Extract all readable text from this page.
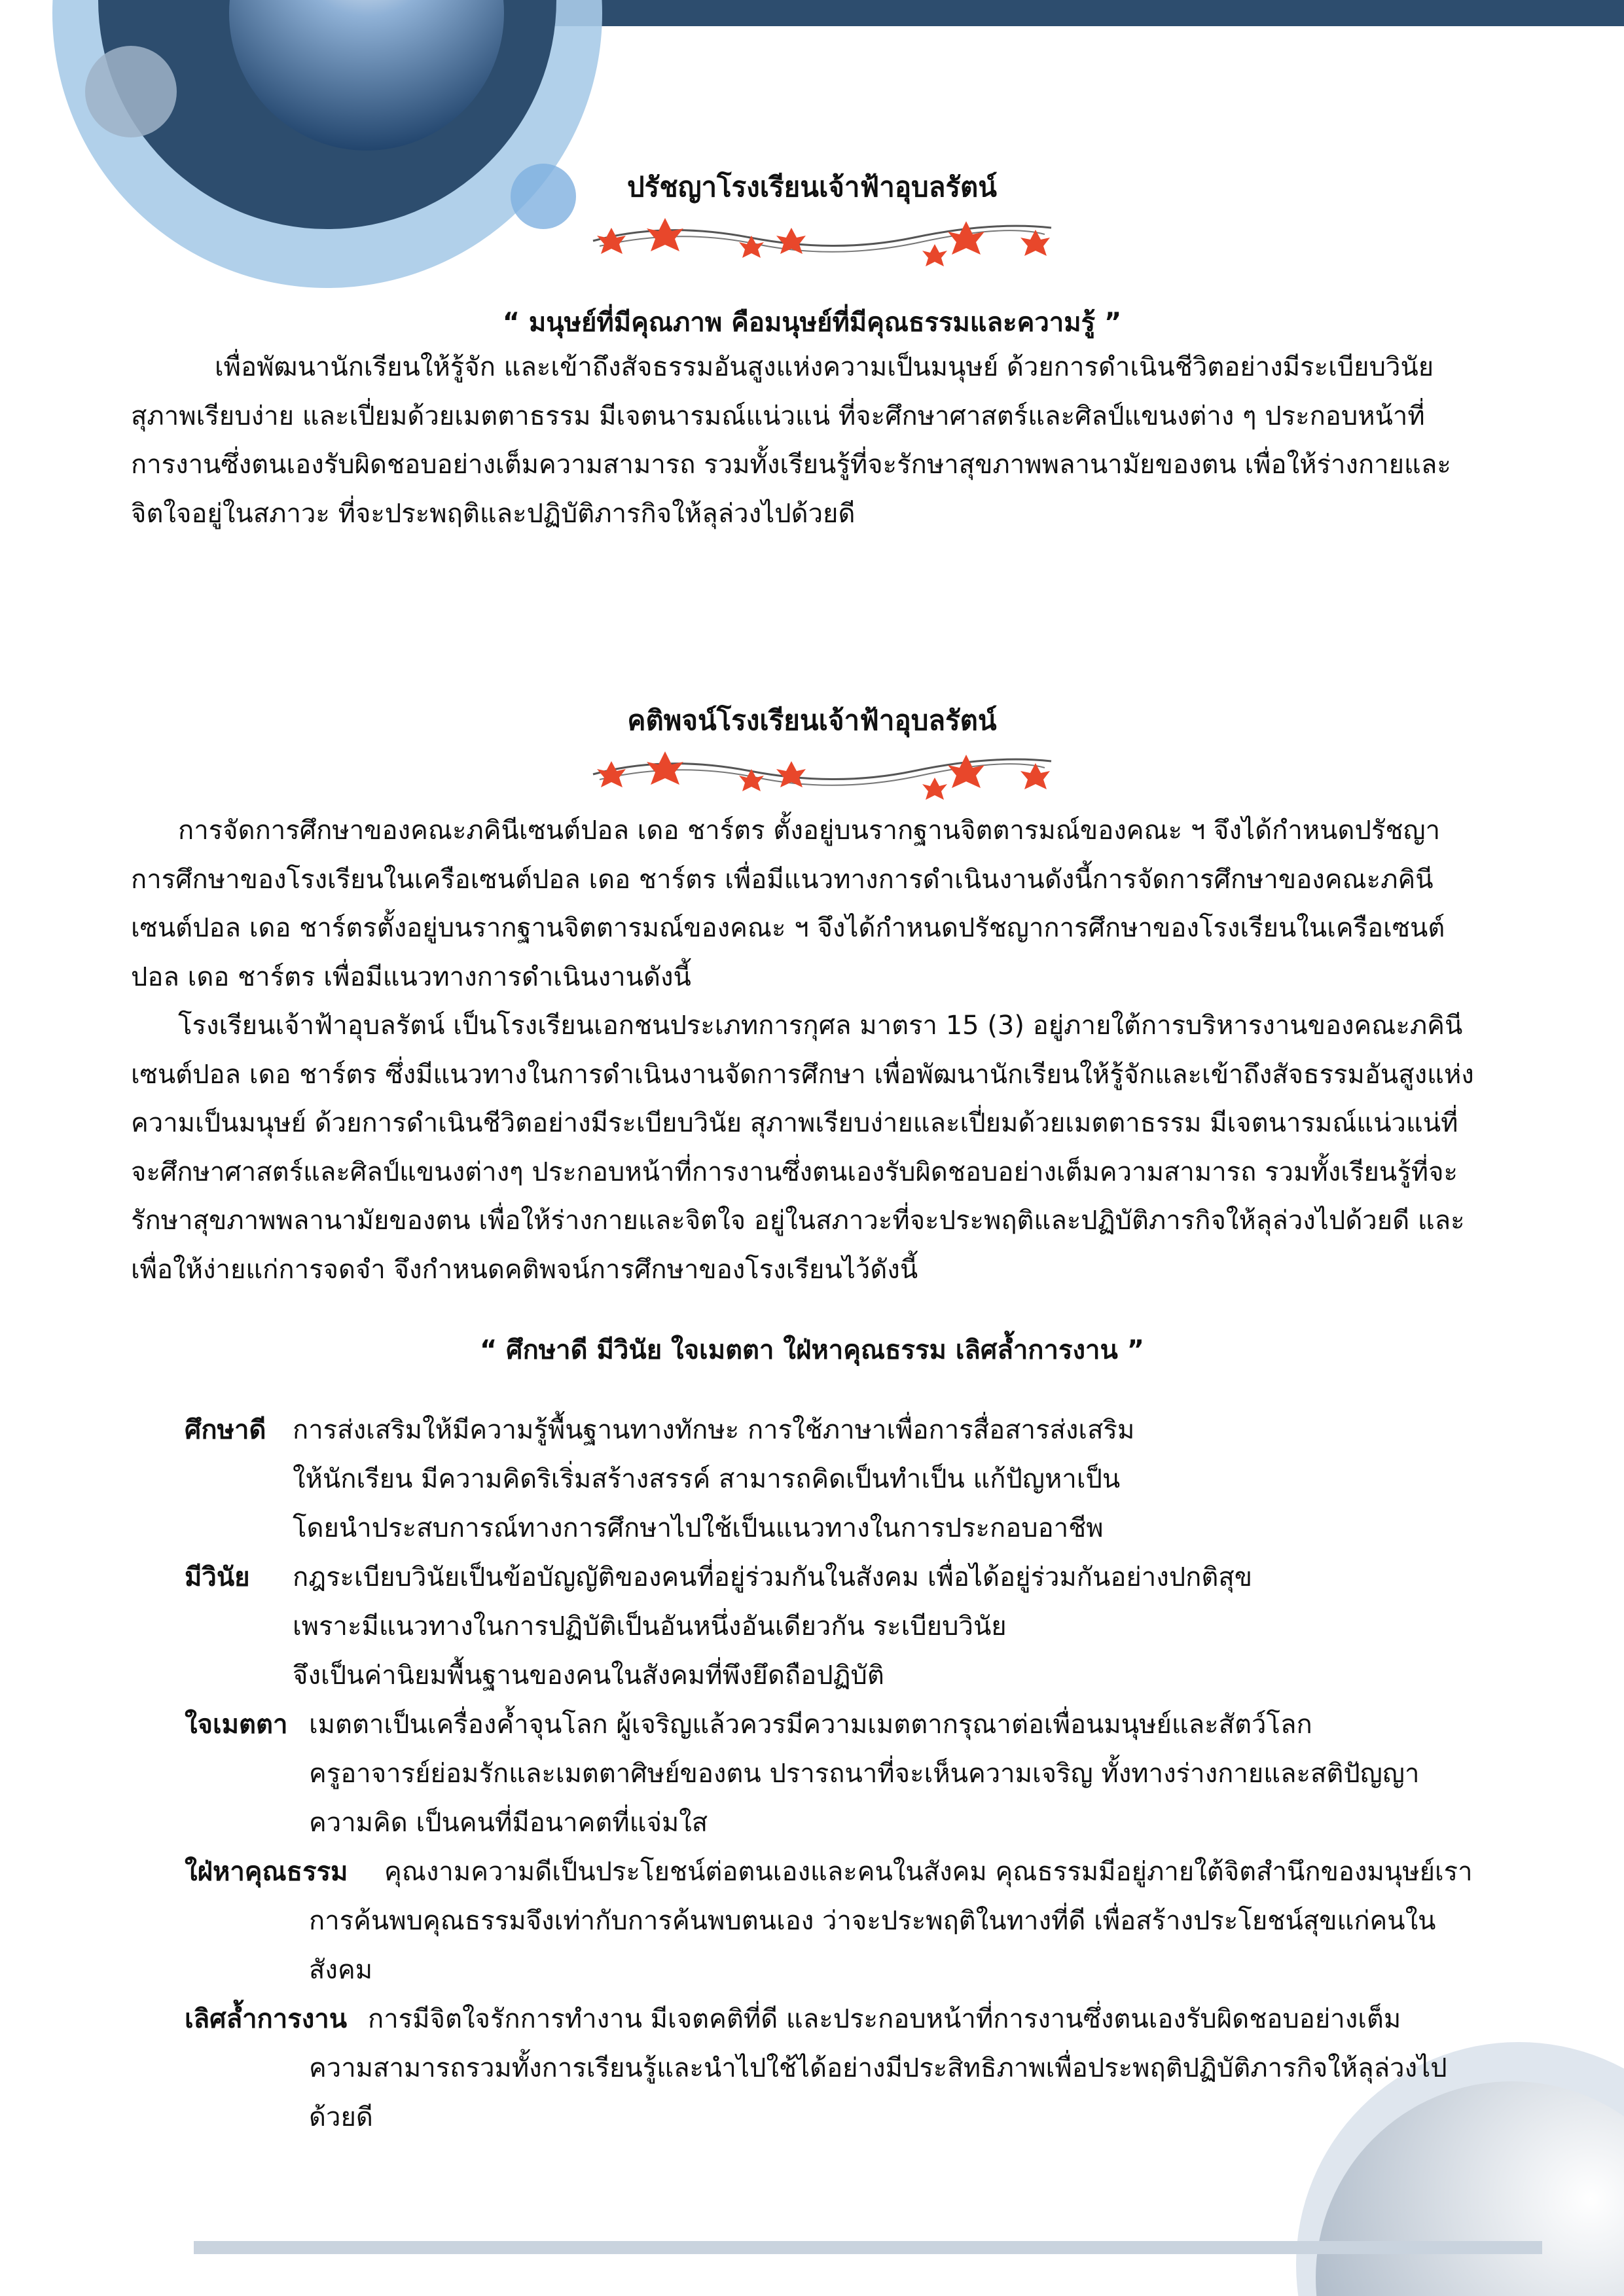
ปรัชญาโรงเรียนเจ้าฟ้าอุบลรัตน์
“ มนุษย์ที่มีคุณภาพ คือมนุษย์ที่มีคุณธรรมและความรู้ ”

เพื่อพัฒนานักเรียนให้รู้จัก และเข้าถึงสัจธรรมอันสูงแห่งความเป็นมนุษย์ ด้วยการดำเนินชีวิตอย่างมีระเบียบวินัย

สุภาพเรียบง่าย และเปี่ยมด้วยเมตตาธรรม มีเจตนารมณ์แน่วแน่ ที่จะศึกษาศาสตร์และศิลป์แขนงต่าง ๆ ประกอบหน้าที่

การงานซึ่งตนเองรับผิดชอบอย่างเต็มความสามารถ รวมทั้งเรียนรู้ที่จะรักษาสุขภาพพลานามัยของตน เพื่อให้ร่างกายและ

จิตใจอยู่ในสภาวะ ที่จะประพฤติและปฏิบัติภารกิจให้ลุล่วงไปด้วยดี

คติพจน์โรงเรียนเจ้าฟ้าอุบลรัตน์

การจัดการศึกษาของคณะภคินีเซนต์ปอล เดอ ชาร์ตร ตั้งอยู่บนรากฐานจิตตารมณ์ของคณะ ฯ จึงได้กำหนดปรัชญา

การศึกษาของโรงเรียนในเครือเซนต์ปอล เดอ ชาร์ตร เพื่อมีแนวทางการดำเนินงานดังนี้การจัดการศึกษาของคณะภคินี

เซนต์ปอล เดอ ชาร์ตรตั้งอยู่บนรากฐานจิตตารมณ์ของคณะ ฯ จึงได้กำหนดปรัชญาการศึกษาของโรงเรียนในเครือเซนต์

ปอล เดอ ชาร์ตร เพื่อมีแนวทางการดำเนินงานดังนี้

โรงเรียนเจ้าฟ้าอุบลรัตน์ เป็นโรงเรียนเอกชนประเภทการกุศล มาตรา 15 (3) อยู่ภายใต้การบริหารงานของคณะภคินี

เซนต์ปอล เดอ ชาร์ตร ซึ่งมีแนวทางในการดำเนินงานจัดการศึกษา เพื่อพัฒนานักเรียนให้รู้จักและเข้าถึงสัจธรรมอันสูงแห่ง

ความเป็นมนุษย์ ด้วยการดำเนินชีวิตอย่างมีระเบียบวินัย สุภาพเรียบง่ายและเปี่ยมด้วยเมตตาธรรม มีเจตนารมณ์แน่วแน่ที่

จะศึกษาศาสตร์และศิลป์แขนงต่างๆ ประกอบหน้าที่การงานซึ่งตนเองรับผิดชอบอย่างเต็มความสามารถ รวมทั้งเรียนรู้ที่จะ

รักษาสุขภาพพลานามัยของตน เพื่อให้ร่างกายและจิตใจ อยู่ในสภาวะที่จะประพฤติและปฏิบัติภารกิจให้ลุล่วงไปด้วยดี และ

เพื่อให้ง่ายแก่การจดจำ จึงกำหนดคติพจน์การศึกษาของโรงเรียนไว้ดังนี้

“ ศึกษาดี มีวินัย ใจเมตตา ใฝ่หาคุณธรรม เลิศล้ำการงาน ”
ศึกษาดี การส่งเสริมให้มีความรู้พื้นฐานทางทักษะ การใช้ภาษาเพื่อการสื่อสารส่งเสริม
ให้นักเรียน มีความคิดริเริ่มสร้างสรรค์ สามารถคิดเป็นทำเป็น แก้ปัญหาเป็น
โดยนำประสบการณ์ทางการศึกษาไปใช้เป็นแนวทางในการประกอบอาชีพ
มีวินัย กฎระเบียบวินัยเป็นข้อบัญญัติของคนที่อยู่ร่วมกันในสังคม เพื่อได้อยู่ร่วมกันอย่างปกติสุข
เพราะมีแนวทางในการปฏิบัติเป็นอันหนึ่งอันเดียวกัน ระเบียบวินัย
จึงเป็นค่านิยมพื้นฐานของคนในสังคมที่พึงยึดถือปฏิบัติ
ใจเมตตา เมตตาเป็นเครื่องค้ำจุนโลก ผู้เจริญแล้วควรมีความเมตตากรุณาต่อเพื่อนมนุษย์และสัตว์โลก
ครูอาจารย์ย่อมรักและเมตตาศิษย์ของตน ปรารถนาที่จะเห็นความเจริญ ทั้งทางร่างกายและสติปัญญา
ความคิด เป็นคนที่มีอนาคตที่แจ่มใส
ใฝ่หาคุณธรรม	คุณงามความดีเป็นประโยชน์ต่อตนเองและคนในสังคม คุณธรรมมีอยู่ภายใต้จิตสำนึกของมนุษย์เรา
การค้นพบคุณธรรมจึงเท่ากับการค้นพบตนเอง ว่าจะประพฤติในทางที่ดี เพื่อสร้างประโยชน์สุขแก่คนใน
สังคม
เลิศล้ำการงาน การมีจิตใจรักการทำงาน มีเจตคติที่ดี และประกอบหน้าที่การงานซึ่งตนเองรับผิดชอบอย่างเต็ม
ความสามารถรวมทั้งการเรียนรู้และนำไปใช้ได้อย่างมีประสิทธิภาพเพื่อประพฤติปฏิบัติภารกิจให้ลุล่วงไป
ด้วยดี
